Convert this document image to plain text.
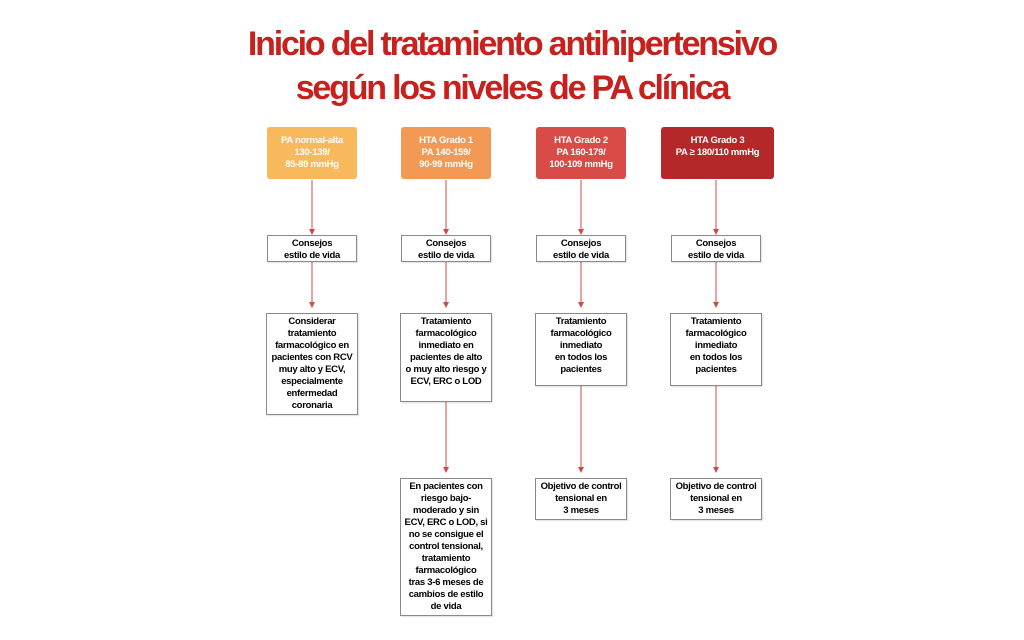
Inicio del tratamiento antihipertensivo
según los niveles de PA clínica
PA normal-alta
130-139/
85-89 mmHg
Consejos
estilo de vida
Considerar
tratamiento
farmacológico en
pacientes con RCV
muy alto y ECV,
especialmente
enfermedad
coronaria
HTA Grado 1
PA 140-159/
90-99 mmHg
Consejos
estilo de vida
Tratamiento
farmacológico
inmediato en
pacientes de alto
o muy alto riesgo y
ECV, ERC o LOD
En pacientes con
riesgo bajo-
moderado y sin
ECV, ERC o LOD, si
no se consigue el
control tensional,
tratamiento
farmacológico
tras 3-6 meses de
cambios de estilo
de vida
HTA Grado 2
PA 160-179/
100-109 mmHg
Consejos
estilo de vida
Tratamiento
farmacológico
inmediato
en todos los
pacientes
Objetivo de control
tensional en
3 meses
HTA Grado 3
PA ≥ 180/110 mmHg
Consejos
estilo de vida
Tratamiento
farmacológico
inmediato
en todos los
pacientes
Objetivo de control
tensional en
3 meses
